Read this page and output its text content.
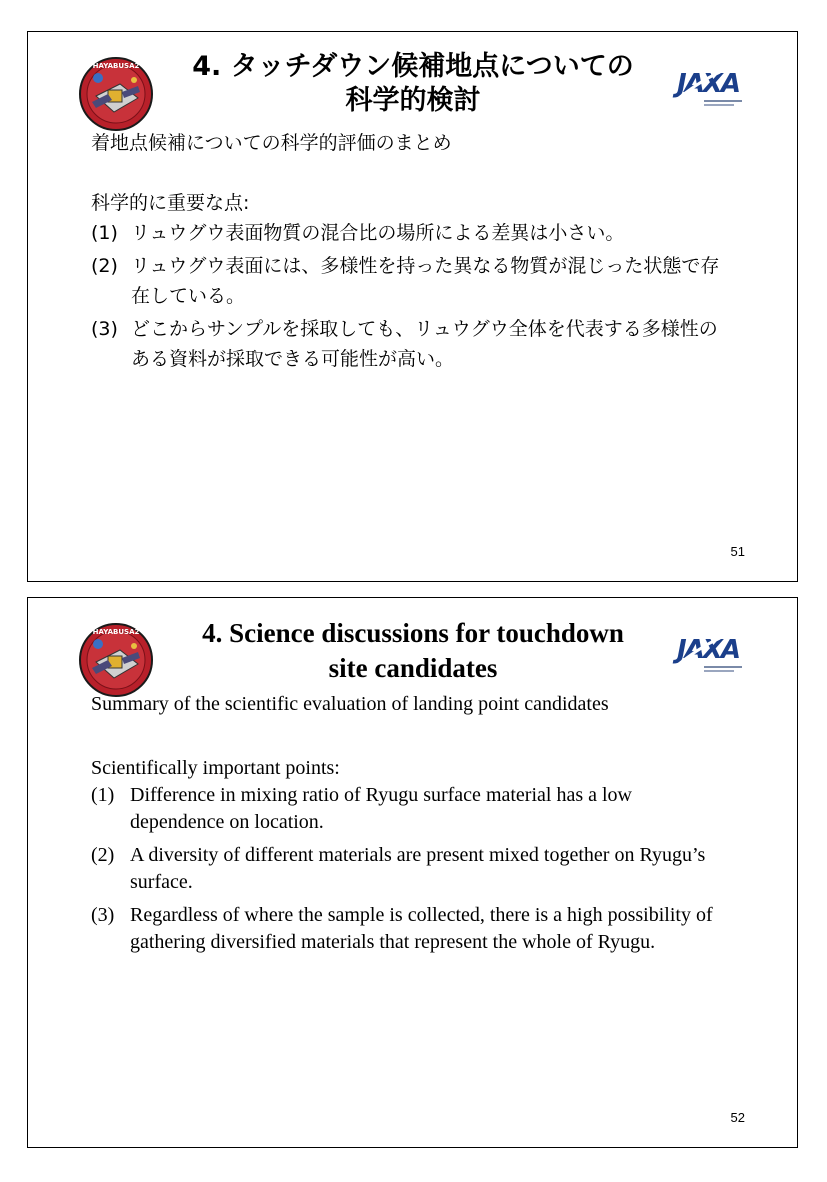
HAYABUSA2	4. タッチダウン候補地点についての
科学的検討
JAXA

着地点候補についての科学的評価のまとめ

科学的に重要な点:

(1) リュウグウ表面物質の混合比の場所による差異は小さい。
(2) リュウグウ表面には、多様性を持った異なる物質が混じった状態で存在している。
(3) どこからサンプルを採取しても、リュウグウ全体を代表する多様性のある資料が採取できる可能性が高い。
51
HAYABUSA2	4. Science discussions for touchdown
site candidates
JAXA

Summary of the scientific evaluation of landing point candidates

Scientifically important points:

(1) Difference in mixing ratio of Ryugu surface material has a low dependence on location.
(2) A diversity of different materials are present mixed together on Ryugu’s surface.
(3) Regardless of where the sample is collected, there is a high possibility of gathering diversified materials that represent the whole of Ryugu.
52
